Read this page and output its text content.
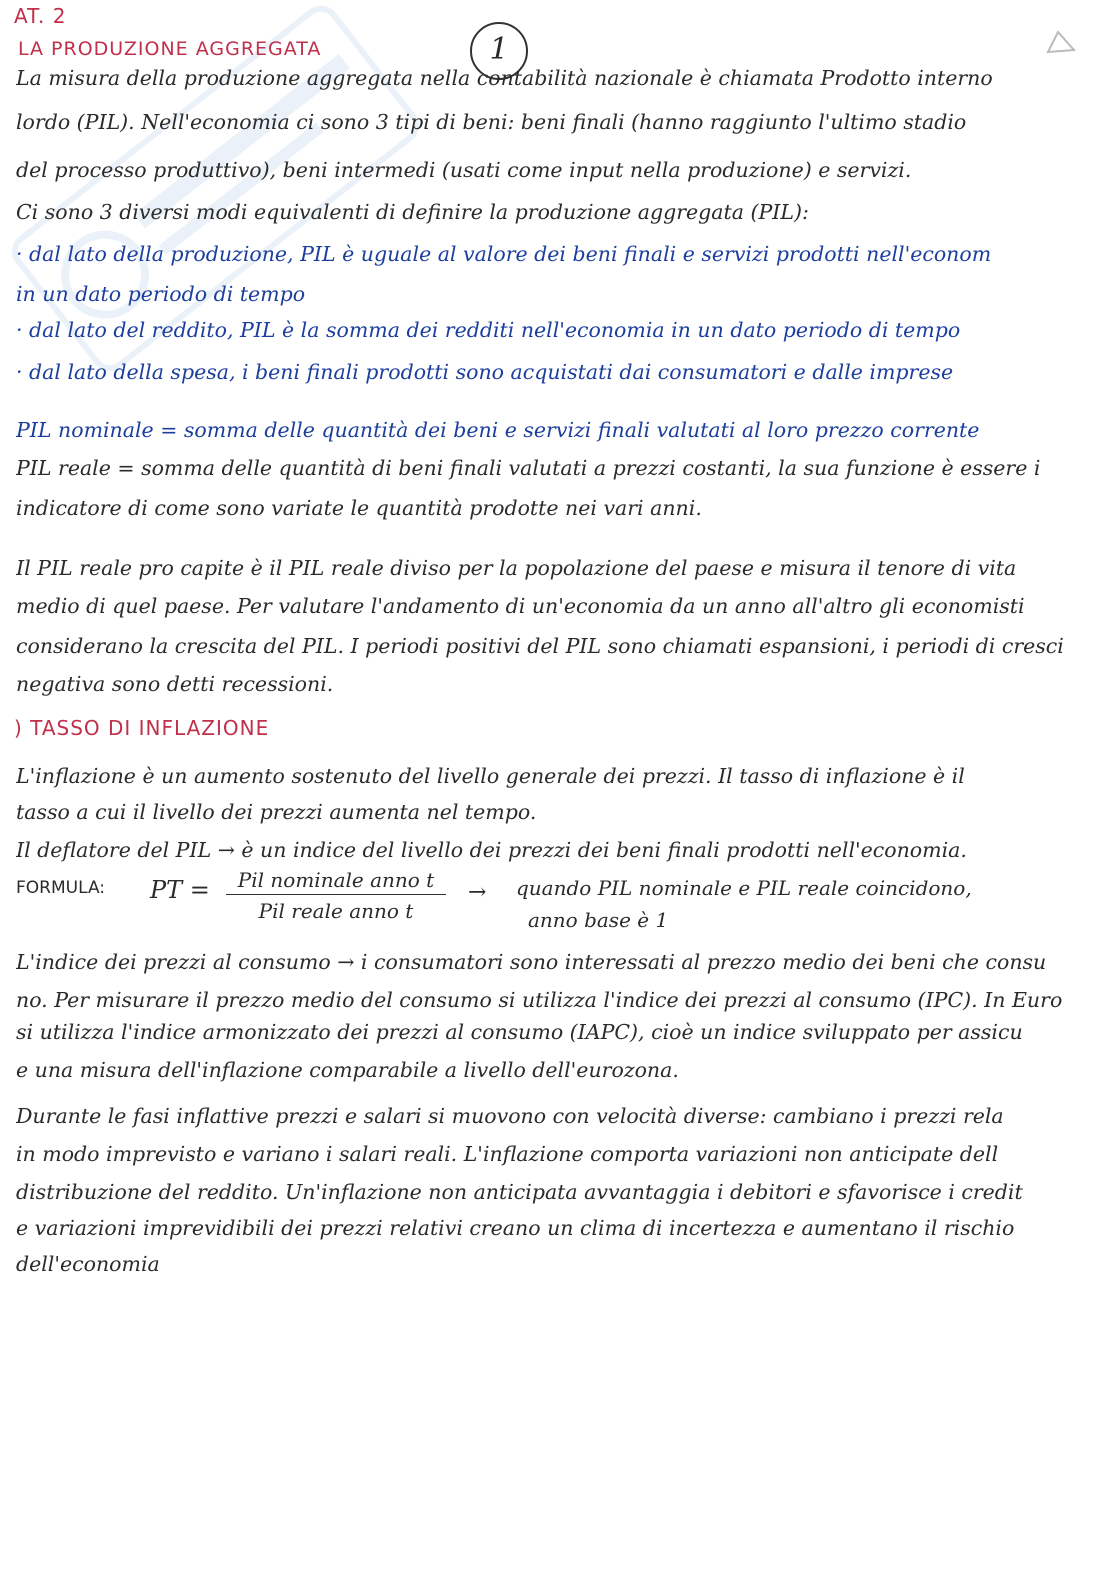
AT. 2
LA PRODUZIONE AGGREGATA	1
La misura della produzione aggregata nella contabilità nazionale è chiamata Prodotto interno
lordo (PIL). Nell'economia ci sono 3 tipi di beni: beni finali (hanno raggiunto l'ultimo stadio
del processo produttivo), beni intermedi (usati come input nella produzione) e servizi.
Ci sono 3 diversi modi equivalenti di definire la produzione aggregata (PIL):
· dal lato della produzione, PIL è uguale al valore dei beni finali e servizi prodotti nell'econom
in un dato periodo di tempo
· dal lato del reddito, PIL è la somma dei redditi nell'economia in un dato periodo di tempo
· dal lato della spesa, i beni finali prodotti sono acquistati dai consumatori e dalle imprese
PIL nominale = somma delle quantità dei beni e servizi finali valutati al loro prezzo corrente
PIL reale = somma delle quantità di beni finali valutati a prezzi costanti, la sua funzione è essere i
indicatore di come sono variate le quantità prodotte nei vari anni.
Il PIL reale pro capite è il PIL reale diviso per la popolazione del paese e misura il tenore di vita
medio di quel paese. Per valutare l'andamento di un'economia da un anno all'altro gli economisti
considerano la crescita del PIL. I periodi positivi del PIL sono chiamati espansioni, i periodi di cresci
negativa sono detti recessioni.
) TASSO DI INFLAZIONE
L'inflazione è un aumento sostenuto del livello generale dei prezzi. Il tasso di inflazione è il
tasso a cui il livello dei prezzi aumenta nel tempo.
Il deflatore del PIL → è un indice del livello dei prezzi dei beni finali prodotti nell'economia.
FORMULA: PT =	Pil nominale anno t
Pil reale anno t
→ quando PIL nominale e PIL reale coincidono,
anno base è 1
L'indice dei prezzi al consumo → i consumatori sono interessati al prezzo medio dei beni che consu
no. Per misurare il prezzo medio del consumo si utilizza l'indice dei prezzi al consumo (IPC). In Euro
si utilizza l'indice armonizzato dei prezzi al consumo (IAPC), cioè un indice sviluppato per assicu
e una misura dell'inflazione comparabile a livello dell'eurozona.
Durante le fasi inflattive prezzi e salari si muovono con velocità diverse: cambiano i prezzi rela
in modo imprevisto e variano i salari reali. L'inflazione comporta variazioni non anticipate dell
distribuzione del reddito. Un'inflazione non anticipata avvantaggia i debitori e sfavorisce i credit
e variazioni imprevidibili dei prezzi relativi creano un clima di incertezza e aumentano il rischio
dell'economia
